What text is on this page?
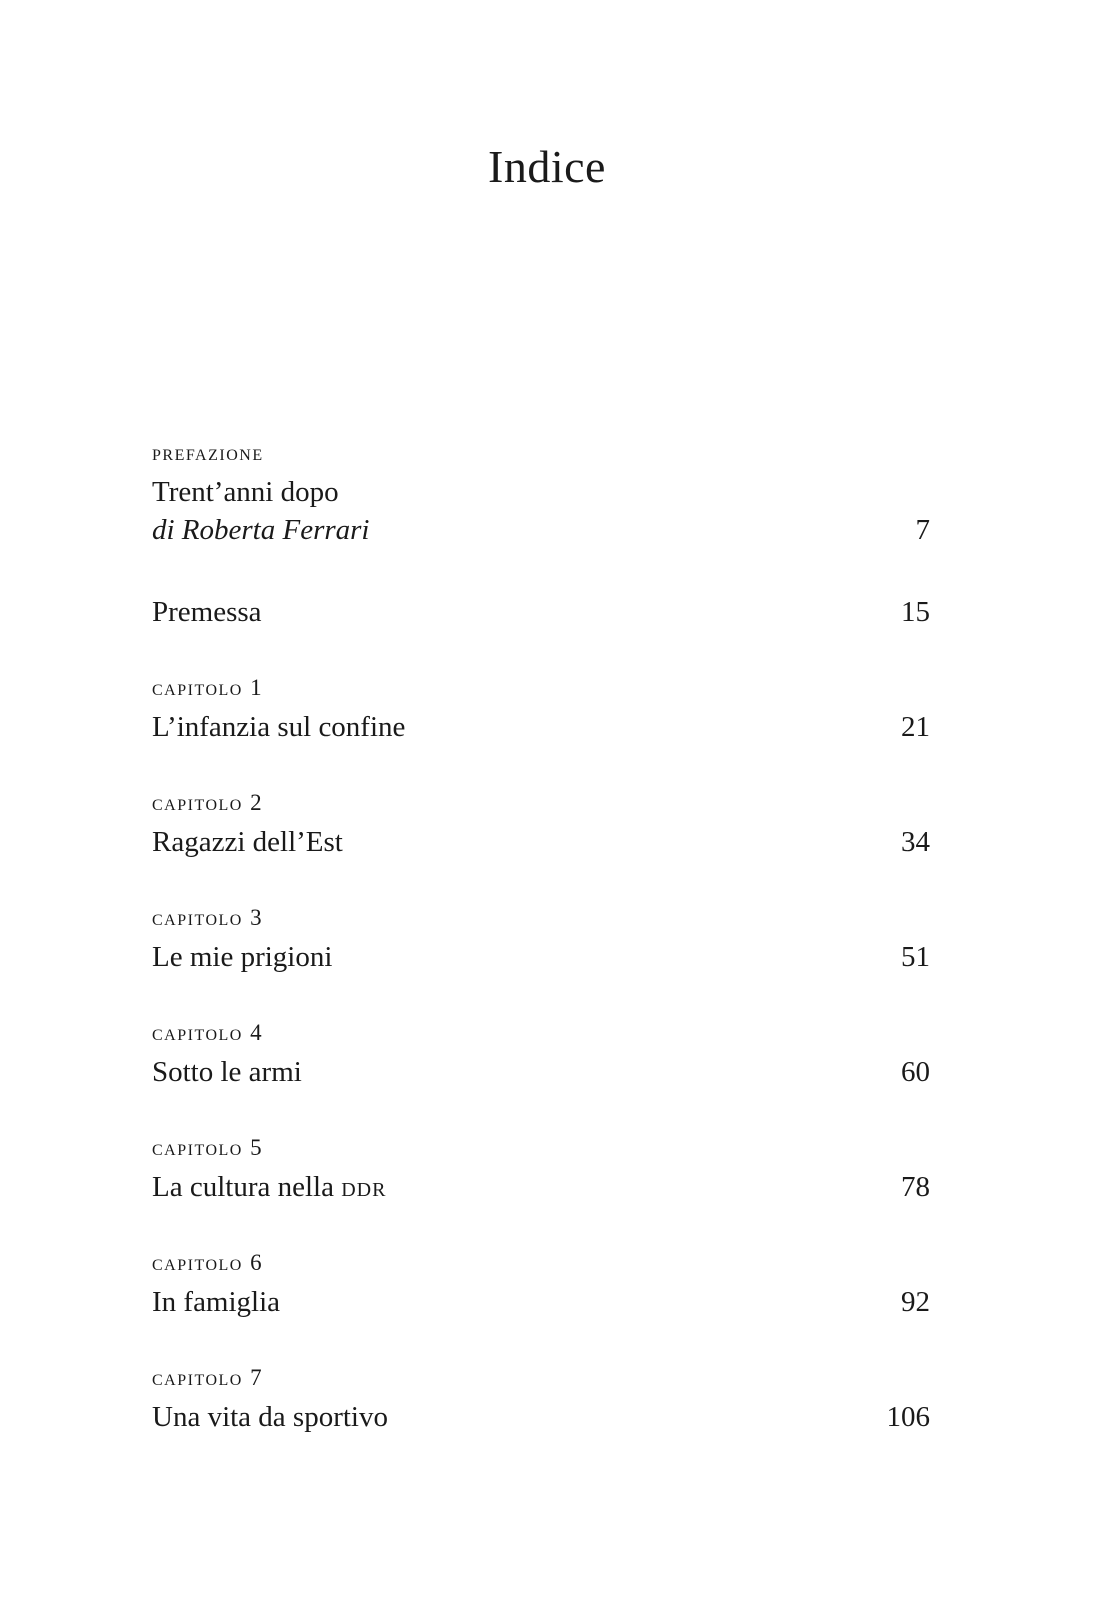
Indice
prefazione
Trent’anni dopo
di Roberta Ferrari	7
Premessa	15
capitolo 1
L’infanzia sul confine	21
capitolo 2
Ragazzi dell’Est	34
capitolo 3
Le mie prigioni	51
capitolo 4
Sotto le armi	60
capitolo 5
La cultura nella ddr	78
capitolo 6
In famiglia	92
capitolo 7
Una vita da sportivo	106
